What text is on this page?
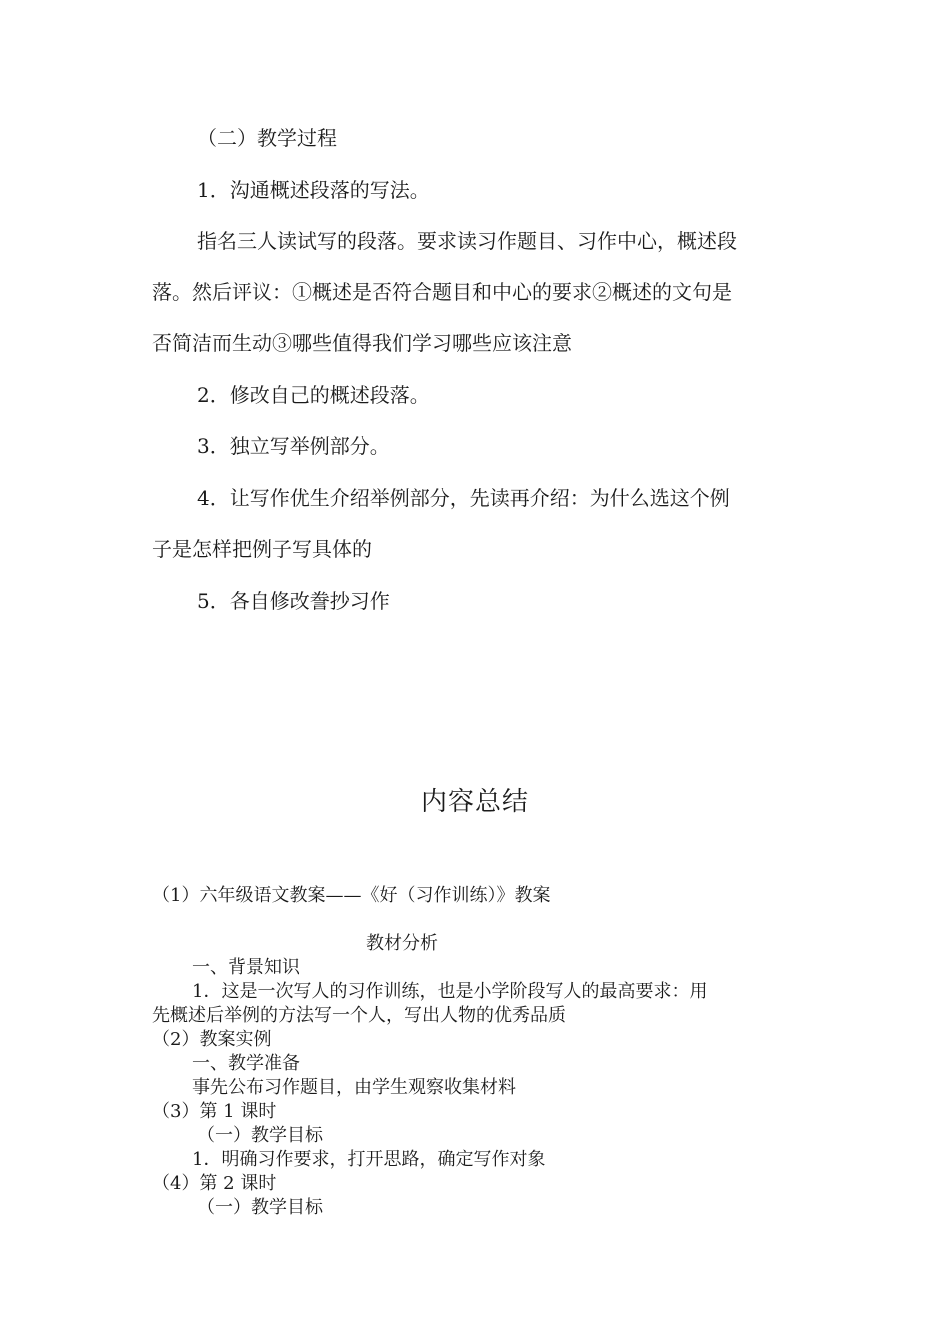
（二）教学过程
1．沟通概述段落的写法。
指名三人读试写的段落。要求读习作题目、习作中心，概述段
落。然后评议：①概述是否符合题目和中心的要求②概述的文句是
否简洁而生动③哪些值得我们学习哪些应该注意
2．修改自己的概述段落。
3．独立写举例部分。
4．让写作优生介绍举例部分，先读再介绍：为什么选这个例
子是怎样把例子写具体的
5．各自修改誊抄习作
内容总结
（1）六年级语文教案——《好（习作训练）》教案
教材分析
一、背景知识
1．这是一次写人的习作训练，也是小学阶段写人的最高要求：用
先概述后举例的方法写一个人，写出人物的优秀品质
（2）教案实例
一、教学准备
事先公布习作题目，由学生观察收集材料
（3）第 1 课时
（一）教学目标
1．明确习作要求，打开思路，确定写作对象
（4）第 2 课时
（一）教学目标
